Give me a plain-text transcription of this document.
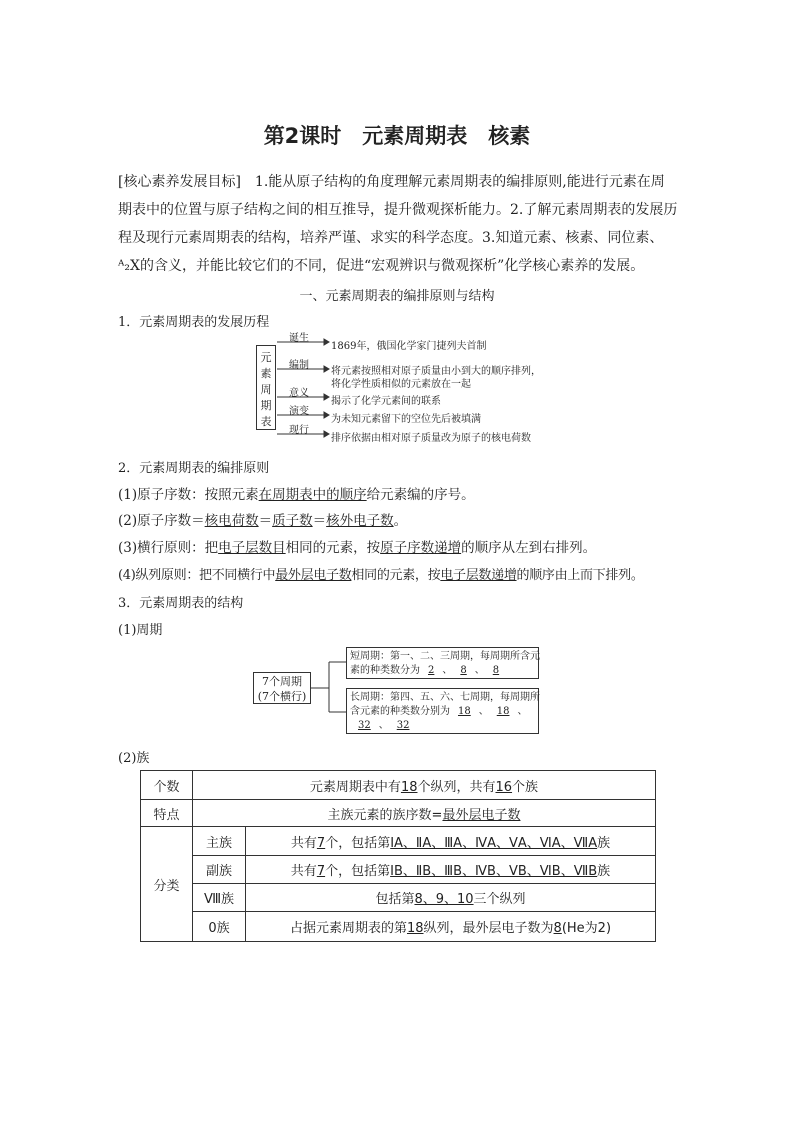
第2课时　元素周期表　核素
[核心素养发展目标]　1.能从原子结构的角度理解元素周期表的编排原则,能进行元素在周期表中的位置与原子结构之间的相互推导，提升微观探析能力。2.了解元素周期表的发展历程及现行元素周期表的结构，培养严谨、求实的科学态度。3.知道元素、核素、同位素、ᴬ₂X的含义，并能比较它们的不同，促进“宏观辨识与微观探析”化学核心素养的发展。
一、元素周期表的编排原则与结构
1．元素周期表的发展历程
元
素
周
期
表
诞生
1869年，俄国化学家门捷列夫首制
编制
将元素按照相对原子质量由小到大的顺序排列，
将化学性质相似的元素放在一起
意义
揭示了化学元素间的联系
演变
为未知元素留下的空位先后被填满
现行
排序依据由相对原子质量改为原子的核电荷数
2．元素周期表的编排原则
(1)原子序数：按照元素在周期表中的顺序给元素编的序号。
(2)原子序数＝核电荷数＝质子数＝核外电子数。
(3)横行原则：把电子层数目相同的元素，按原子序数递增的顺序从左到右排列。
(4)纵列原则：把不同横行中最外层电子数相同的元素，按电子层数递增的顺序由上而下排列。
3．元素周期表的结构
(1)周期
7个周期
(7个横行)
短周期：第一、二、三周期，每周期所含元
素的种类数分为 2 、 8 、 8
长周期：第四、五、六、七周期，每周期所
含元素的种类数分别为 18 、 18 、
32 、 32
(2)族
个数	元素周期表中有18个纵列，共有16个族	
特点	主族元素的族序数=最外层电子数	
分类	主族	共有7个，包括第ⅠA、ⅡA、ⅢA、ⅣA、ⅤA、ⅥA、ⅦA族
	副族	共有7个，包括第ⅠB、ⅡB、ⅢB、ⅣB、ⅤB、ⅥB、ⅦB族
	Ⅷ族	包括第8、9、10三个纵列
	0族	占据元素周期表的第18纵列，最外层电子数为8(He为2)
